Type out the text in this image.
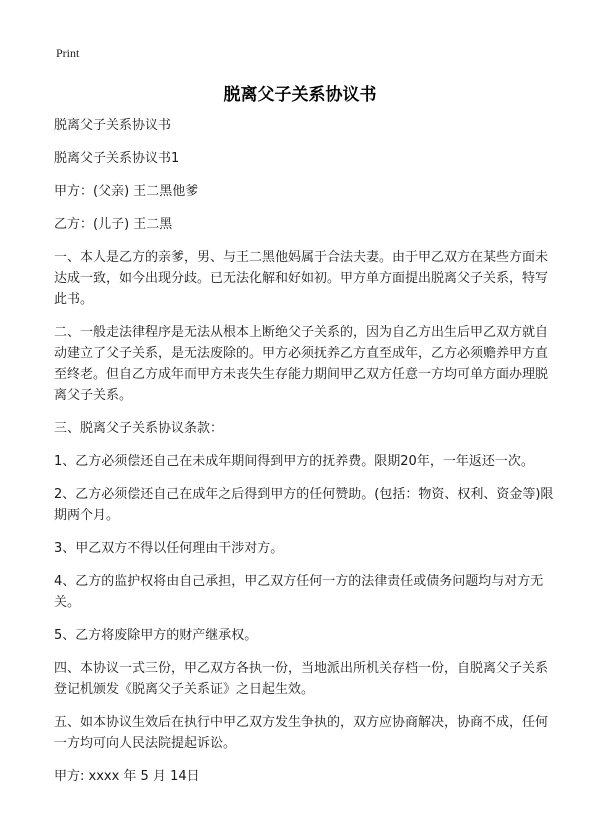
Print
脱离父子关系协议书

脱离父子关系协议书

脱离父子关系协议书1

甲方：(父亲) 王二黑他爹

乙方：(儿子) 王二黑

一、本人是乙方的亲爹，男、与王二黑他妈属于合法夫妻。由于甲乙双方在某些方面未达成一致，如今出现分歧。已无法化解和好如初。甲方单方面提出脱离父子关系，特写此书。

二、一般走法律程序是无法从根本上断绝父子关系的，因为自乙方出生后甲乙双方就自动建立了父子关系，是无法废除的。甲方必须抚养乙方直至成年，乙方必须赡养甲方直至终老。但自乙方成年而甲方未丧失生存能力期间甲乙双方任意一方均可单方面办理脱离父子关系。

三、脱离父子关系协议条款：

1、乙方必须偿还自己在未成年期间得到甲方的抚养费。限期20年，一年返还一次。

2、乙方必须偿还自己在成年之后得到甲方的任何赞助。(包括：物资、权利、资金等)限期两个月。

3、甲乙双方不得以任何理由干涉对方。

4、乙方的监护权将由自己承担，甲乙双方任何一方的法律责任或债务问题均与对方无关。

5、乙方将废除甲方的财产继承权。

四、本协议一式三份，甲乙双方各执一份，当地派出所机关存档一份，自脱离父子关系登记机颁发《脱离父子关系证》之日起生效。

五、如本协议生效后在执行中甲乙双方发生争执的，双方应协商解决，协商不成，任何一方均可向人民法院提起诉讼。

甲方: xxxx 年 5 月 14日
